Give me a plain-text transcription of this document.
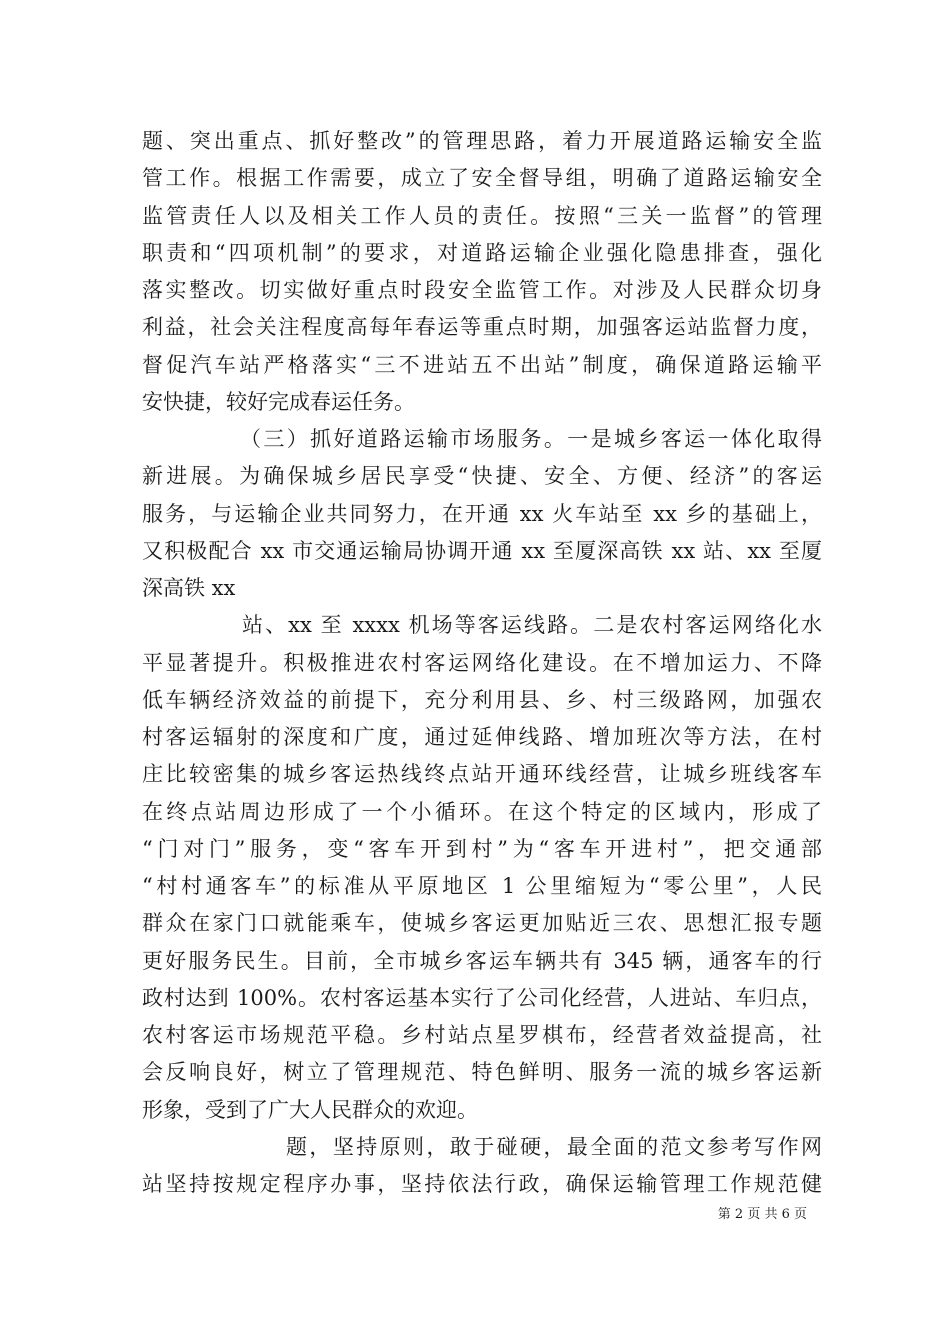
题、突出重点、抓好整改”的管理思路，着力开展道路运输安全监
管工作。根据工作需要，成立了安全督导组，明确了道路运输安全
监管责任人以及相关工作人员的责任。按照“三关一监督”的管理
职责和“四项机制”的要求，对道路运输企业强化隐患排查，强化
落实整改。切实做好重点时段安全监管工作。对涉及人民群众切身
利益，社会关注程度高每年春运等重点时期，加强客运站监督力度，
督促汽车站严格落实“三不进站五不出站”制度，确保道路运输平
安快捷，较好完成春运任务。
（三）抓好道路运输市场服务。一是城乡客运一体化取得
新进展。为确保城乡居民享受“快捷、安全、方便、经济”的客运
服务，与运输企业共同努力，在开通 xx 火车站至 xx 乡的基础上，
又积极配合 xx 市交通运输局协调开通 xx 至厦深高铁 xx 站、xx 至厦
深高铁 xx
站、xx 至 xxxx 机场等客运线路。二是农村客运网络化水
平显著提升。积极推进农村客运网络化建设。在不增加运力、不降
低车辆经济效益的前提下，充分利用县、乡、村三级路网，加强农
村客运辐射的深度和广度，通过延伸线路、增加班次等方法，在村
庄比较密集的城乡客运热线终点站开通环线经营，让城乡班线客车
在终点站周边形成了一个小循环。在这个特定的区域内，形成了
“门对门”服务，变“客车开到村”为“客车开进村”，把交通部
“村村通客车”的标准从平原地区 1 公里缩短为“零公里”，人民
群众在家门口就能乘车，使城乡客运更加贴近三农、思想汇报专题
更好服务民生。目前，全市城乡客运车辆共有 345 辆，通客车的行
政村达到 100%。农村客运基本实行了公司化经营，人进站、车归点，
农村客运市场规范平稳。乡村站点星罗棋布，经营者效益提高，社
会反响良好，树立了管理规范、特色鲜明、服务一流的城乡客运新
形象，受到了广大人民群众的欢迎。
题，坚持原则，敢于碰硬，最全面的范文参考写作网
站坚持按规定程序办事，坚持依法行政，确保运输管理工作规范健
第 2 页 共 6 页
